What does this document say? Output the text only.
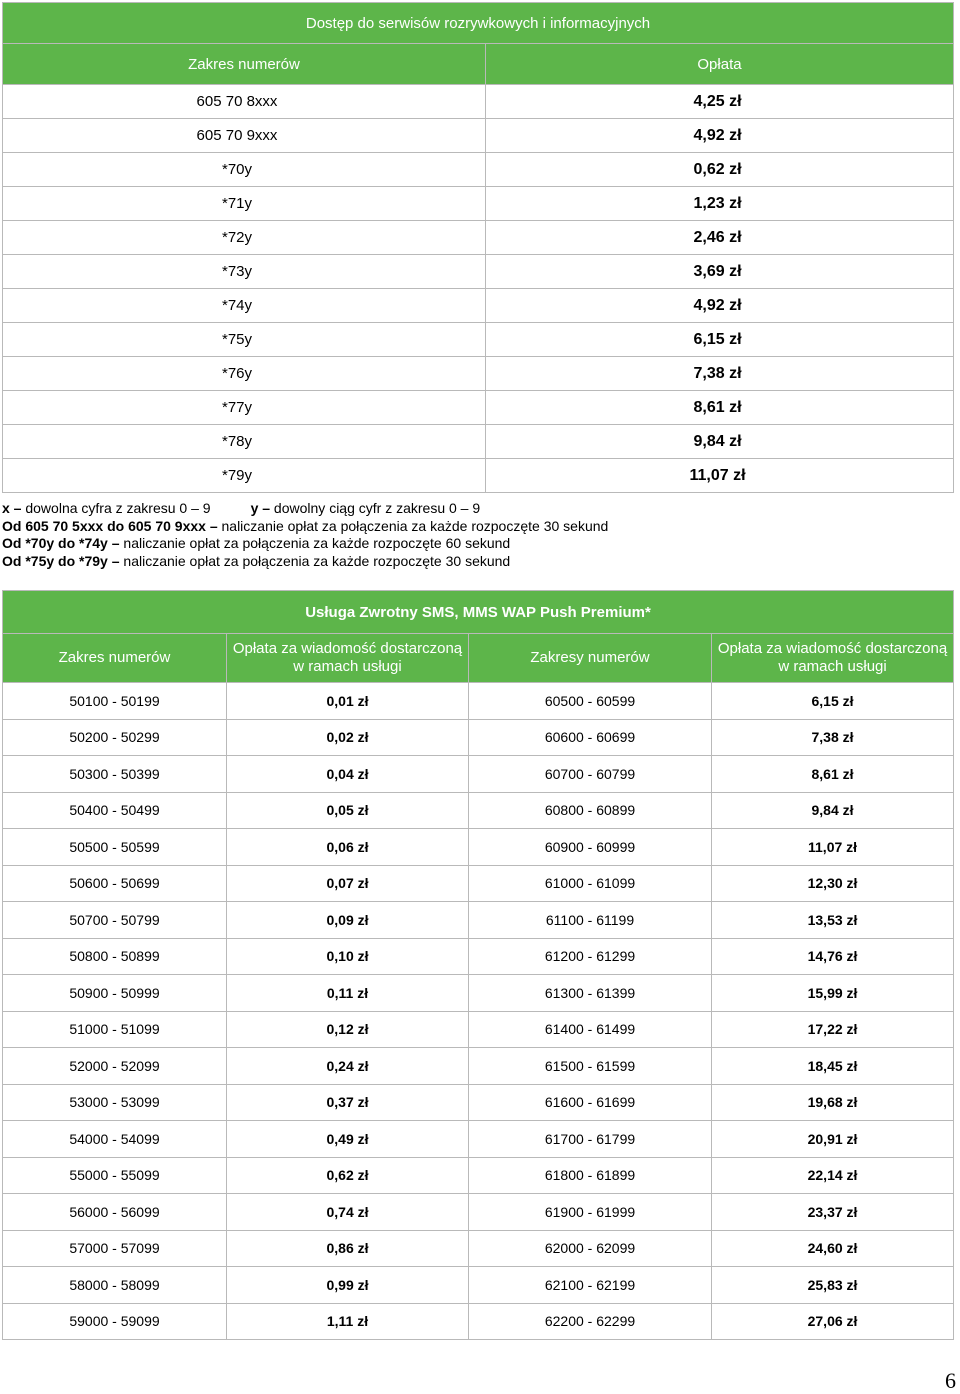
Dostęp do serwisów rozrywkowych i informacyjnych	
Zakres numerów	Opłata
605 70 8xxx	4,25 zł
605 70 9xxx	4,92 zł
*70y	0,62 zł
*71y	1,23 zł
*72y	2,46 zł
*73y	3,69 zł
*74y	4,92 zł
*75y	6,15 zł
*76y	7,38 zł
*77y	8,61 zł
*78y	9,84 zł
*79y	11,07 zł
x – dowolna cyfra z zakresu 0 – 9	y – dowolny ciąg cyfr z zakresu 0 – 9
Od 605 70 5xxx do 605 70 9xxx – naliczanie opłat za połączenia za każde rozpoczęte 30 sekund
Od *70y do *74y – naliczanie opłat za połączenia za każde rozpoczęte 60 sekund
Od *75y do *79y – naliczanie opłat za połączenia za każde rozpoczęte 30 sekund
Usługa Zwrotny SMS, MMS WAP Push Premium*			
Zakres numerów	Opłata za wiadomość dostarczoną w ramach usługi	Zakresy numerów	Opłata za wiadomość dostarczoną w ramach usługi
50100 - 50199	0,01 zł	60500 - 60599	6,15 zł
50200 - 50299	0,02 zł	60600 - 60699	7,38 zł
50300 - 50399	0,04 zł	60700 - 60799	8,61 zł
50400 - 50499	0,05 zł	60800 - 60899	9,84 zł
50500 - 50599	0,06 zł	60900 - 60999	11,07 zł
50600 - 50699	0,07 zł	61000 - 61099	12,30 zł
50700 - 50799	0,09 zł	61100 - 61199	13,53 zł
50800 - 50899	0,10 zł	61200 - 61299	14,76 zł
50900 - 50999	0,11 zł	61300 - 61399	15,99 zł
51000 - 51099	0,12 zł	61400 - 61499	17,22 zł
52000 - 52099	0,24 zł	61500 - 61599	18,45 zł
53000 - 53099	0,37 zł	61600 - 61699	19,68 zł
54000 - 54099	0,49 zł	61700 - 61799	20,91 zł
55000 - 55099	0,62 zł	61800 - 61899	22,14 zł
56000 - 56099	0,74 zł	61900 - 61999	23,37 zł
57000 - 57099	0,86 zł	62000 - 62099	24,60 zł
58000 - 58099	0,99 zł	62100 - 62199	25,83 zł
59000 - 59099	1,11 zł	62200 - 62299	27,06 zł
6
